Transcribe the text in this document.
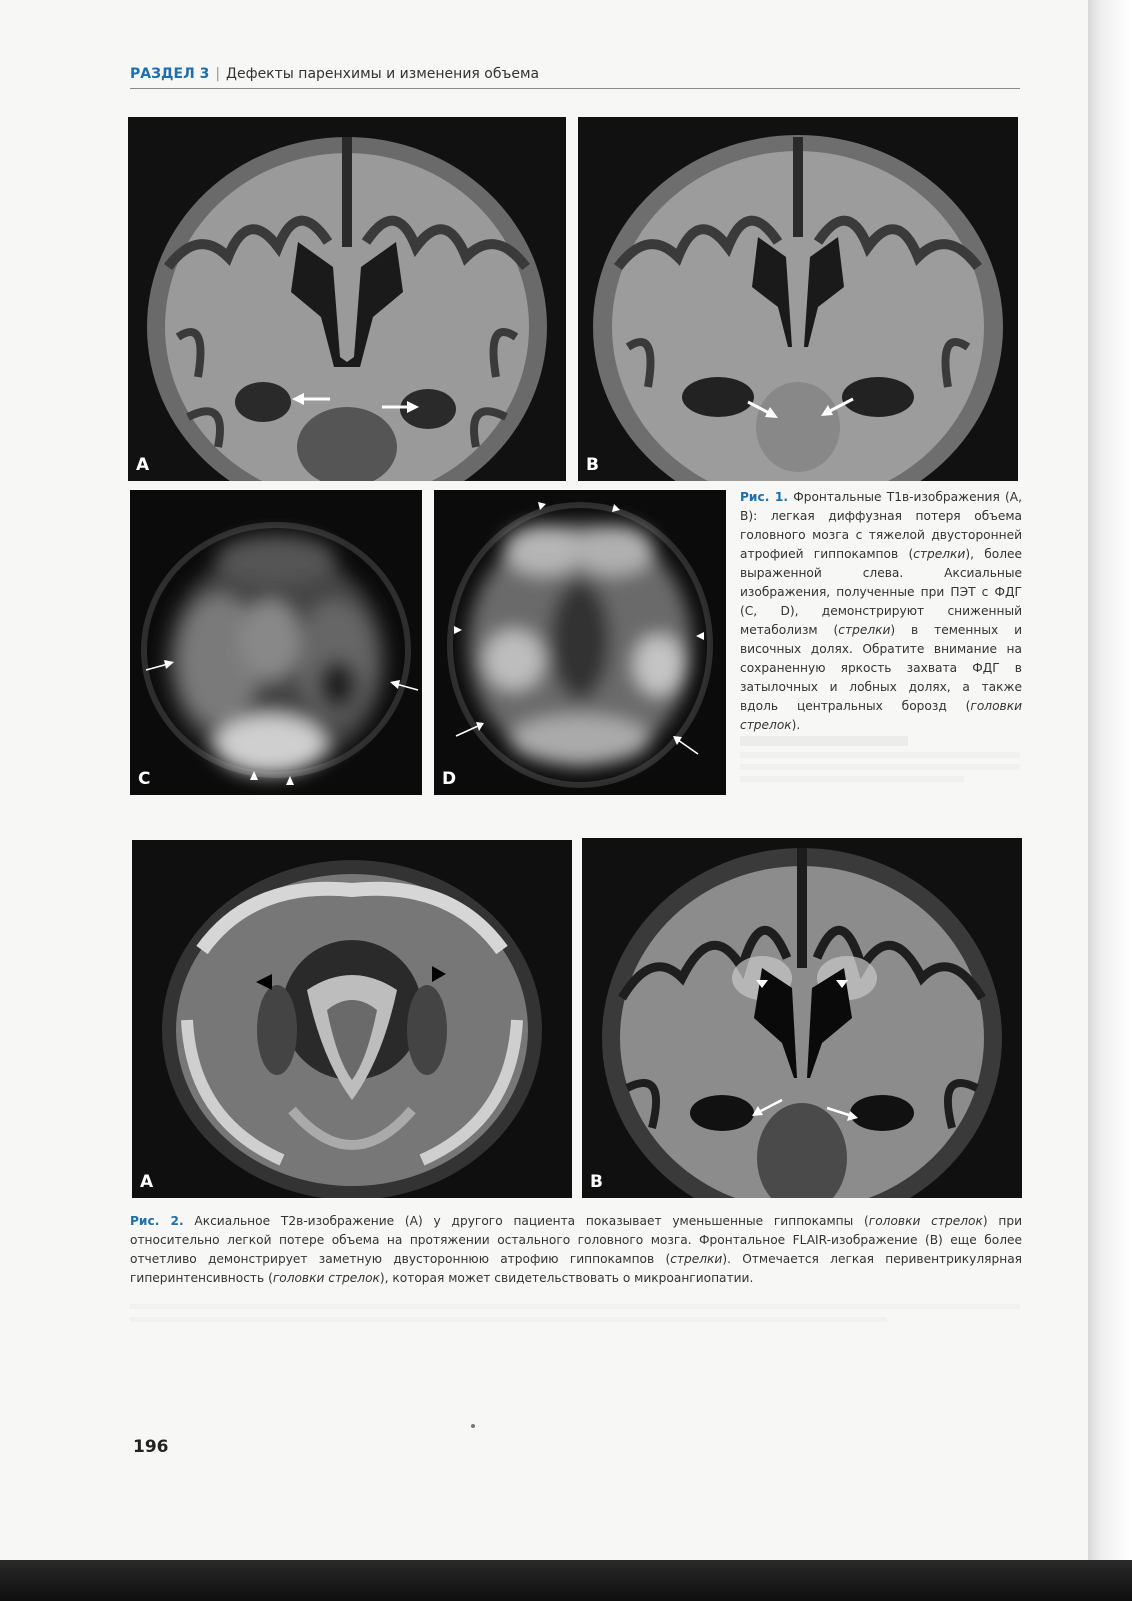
РАЗДЕЛ 3 | Дефекты паренхимы и изменения объема
A	B
C	D
Рис. 1. Фронтальные T1в-изображения (A, B): легкая диффузная потеря объема головного мозга с тяжелой двусторонней атрофией гиппокампов (стрелки), более выраженной слева. Аксиальные изображения, полученные при ПЭТ с ФДГ (C, D), демонстрируют сниженный метаболизм (стрелки) в теменных и височных долях. Обратите внимание на сохраненную яркость захвата ФДГ в затылочных и лобных долях, а также вдоль центральных борозд (головки стрелок).
A	B
Рис. 2. Аксиальное T2в-изображение (A) у другого пациента показывает уменьшенные гиппокампы (головки стрелок) при относительно легкой потере объема на протяжении остального головного мозга. Фронтальное FLAIR-изображение (B) еще более отчетливо демонстрирует заметную двустороннюю атрофию гиппокампов (стрелки). Отмечается легкая перивентрикулярная гиперинтенсивность (головки стрелок), которая может свидетельствовать о микроангиопатии.
196
